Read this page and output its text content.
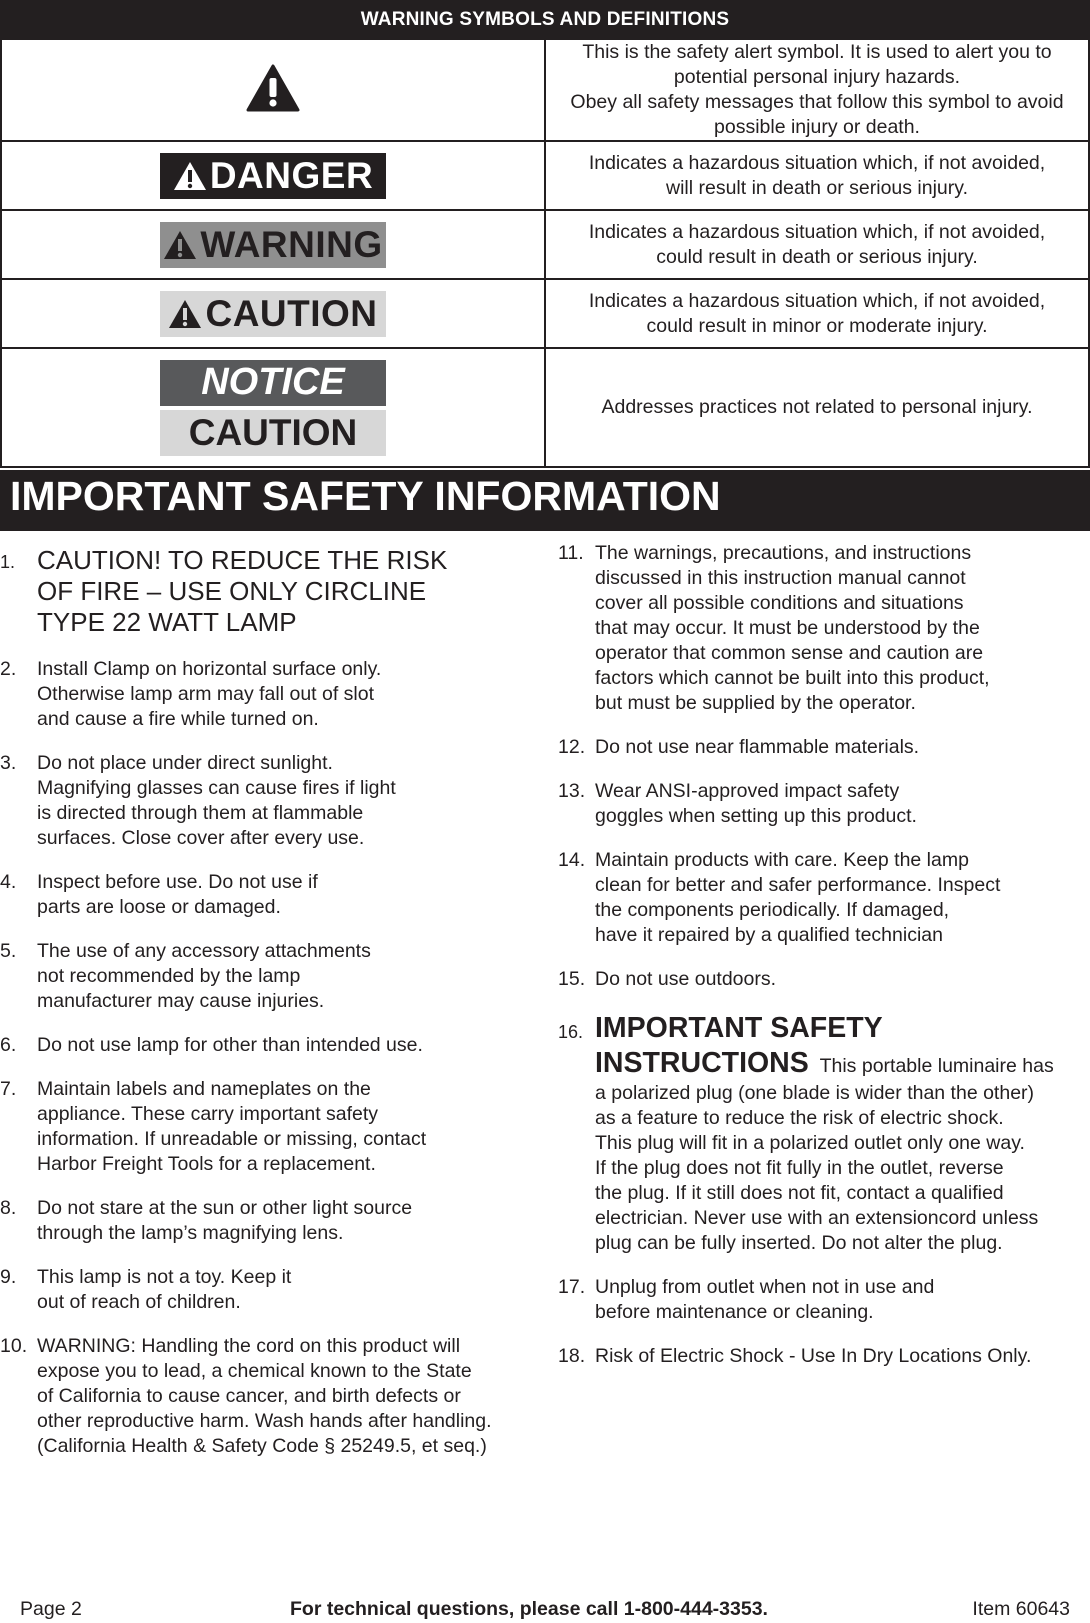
WARNING SYMBOLS AND DEFINITIONS	
	This is the safety alert symbol. It is used to alert you to potential personal injury hazards.
Obey all safety messages that follow this symbol to avoid possible injury or death.

DANGER	Indicates a hazardous situation which, if not avoided,
will result in death or serious injury.

WARNING	Indicates a hazardous situation which, if not avoided,
could result in death or serious injury.

CAUTION	Indicates a hazardous situation which, if not avoided,
could result in minor or moderate injury.

NOTICE
CAUTION	Addresses practices not related to personal injury.
IMPORTANT SAFETY INFORMATION
1. CAUTION! TO REDUCE THE RISK
OF FIRE – USE ONLY CIRCLINE
TYPE 22 WATT LAMP
2.	Install Clamp on horizontal surface only.
Otherwise lamp arm may fall out of slot
and cause a fire while turned on.
3.	Do not place under direct sunlight.
Magnifying glasses can cause fires if light
is directed through them at flammable
surfaces. Close cover after every use.
4.	Inspect before use. Do not use if
parts are loose or damaged.
5.	The use of any accessory attachments
not recommended by the lamp
manufacturer may cause injuries.
6.	Do not use lamp for other than intended use.
7.	Maintain labels and nameplates on the
appliance. These carry important safety
information. If unreadable or missing, contact
Harbor Freight Tools for a replacement.
8.	Do not stare at the sun or other light source
through the lamp’s magnifying lens.
9.	This lamp is not a toy. Keep it
out of reach of children.
10. WARNING: Handling the cord on this product will
expose you to lead, a chemical known to the State
of California to cause cancer, and birth defects or
other reproductive harm. Wash hands after handling.
(California Health & Safety Code § 25249.5, et seq.)
11. The warnings, precautions, and instructions
discussed in this instruction manual cannot
cover all possible conditions and situations
that may occur. It must be understood by the
operator that common sense and caution are
factors which cannot be built into this product,
but must be supplied by the operator.
12. Do not use near flammable materials.
13. Wear ANSI-approved impact safety
goggles when setting up this product.
14. Maintain products with care. Keep the lamp
clean for better and safer performance. Inspect
the components periodically. If damaged,
have it repaired by a qualified technician
15. Do not use outdoors.
16. IMPORTANT SAFETY
INSTRUCTIONS This portable luminaire has
a polarized plug (one blade is wider than the other)
as a feature to reduce the risk of electric shock.
This plug will fit in a polarized outlet only one way.
If the plug does not fit fully in the outlet, reverse
the plug. If it still does not fit, contact a qualified
electrician. Never use with an extensioncord unless
plug can be fully inserted. Do not alter the plug.
17. Unplug from outlet when not in use and
before maintenance or cleaning.
18. Risk of Electric Shock - Use In Dry Locations Only.
Page 2	For technical questions, please call 1-800-444-3353.	Item 60643
